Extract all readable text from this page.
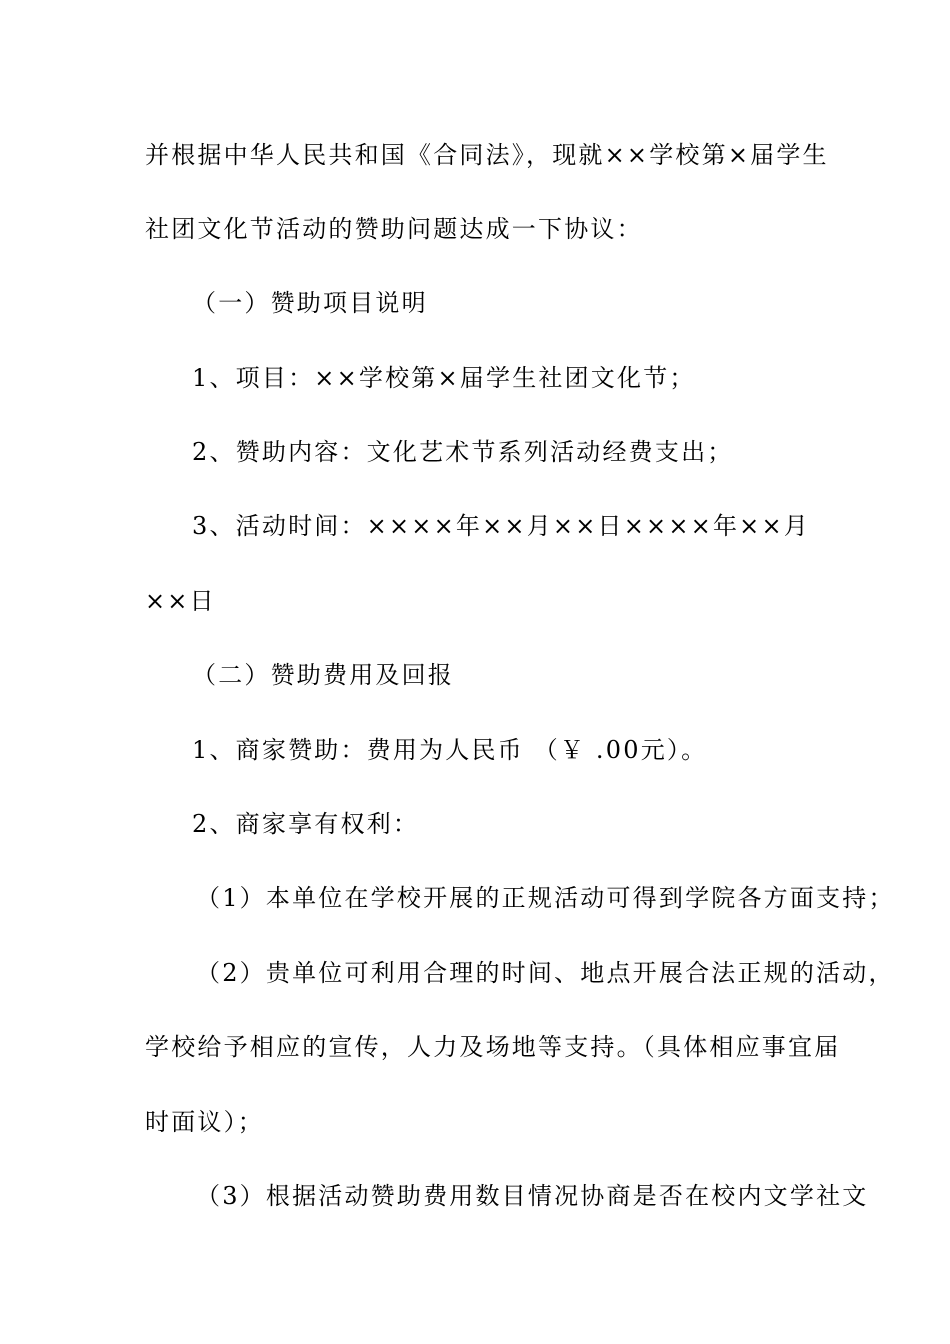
并根据中华人民共和国《合同法》，现就××学校第×届学生
社团文化节活动的赞助问题达成一下协议：
（一）赞助项目说明
1、项目：××学校第×届学生社团文化节；
2、赞助内容：文化艺术节系列活动经费支出；
3、活动时间：××××年××月××日××××年××月
××日
（二）赞助费用及回报
1、商家赞助：费用为人民币 （￥ .00元）。
2、商家享有权利：
（1）本单位在学校开展的正规活动可得到学院各方面支持；
（2）贵单位可利用合理的时间、地点开展合法正规的活动，
学校给予相应的宣传，人力及场地等支持。（具体相应事宜届
时面议）；
（3）根据活动赞助费用数目情况协商是否在校内文学社文
